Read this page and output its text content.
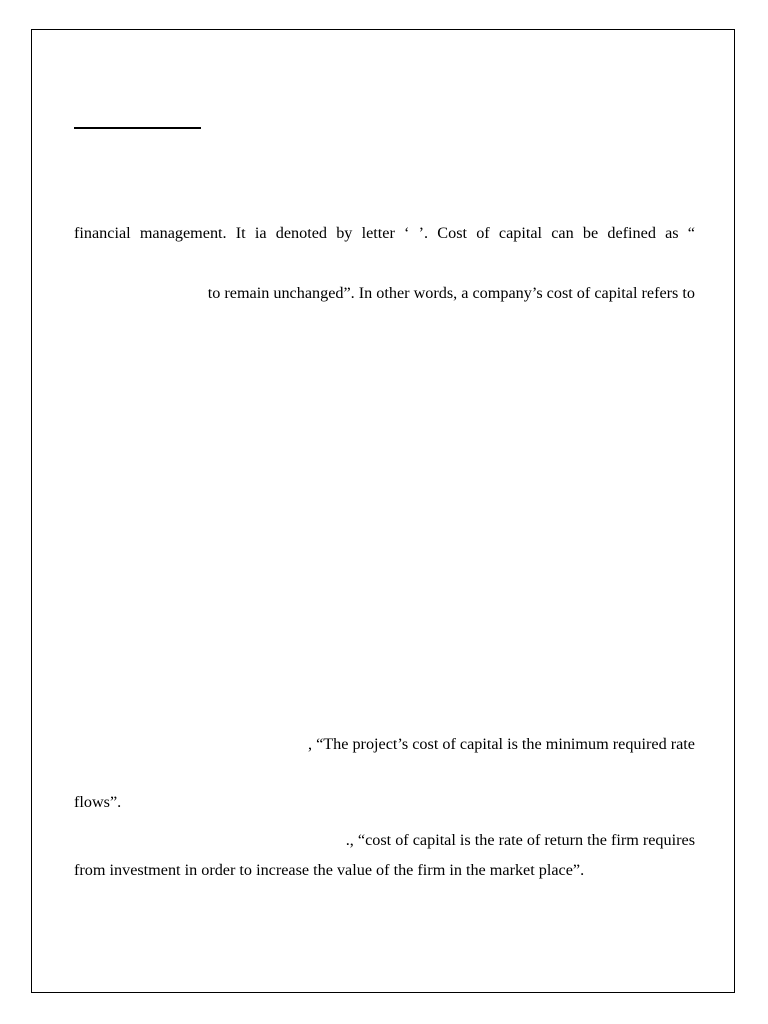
financial management. It ia denoted by letter ‘ ’. Cost of capital can be defined as “
to remain unchanged”. In other words, a company’s cost of capital refers to
, “The project’s cost of capital is the minimum required rate
flows”.
., “cost of capital is the rate of return the firm requires
from investment in order to increase the value of the firm in the market place”.
